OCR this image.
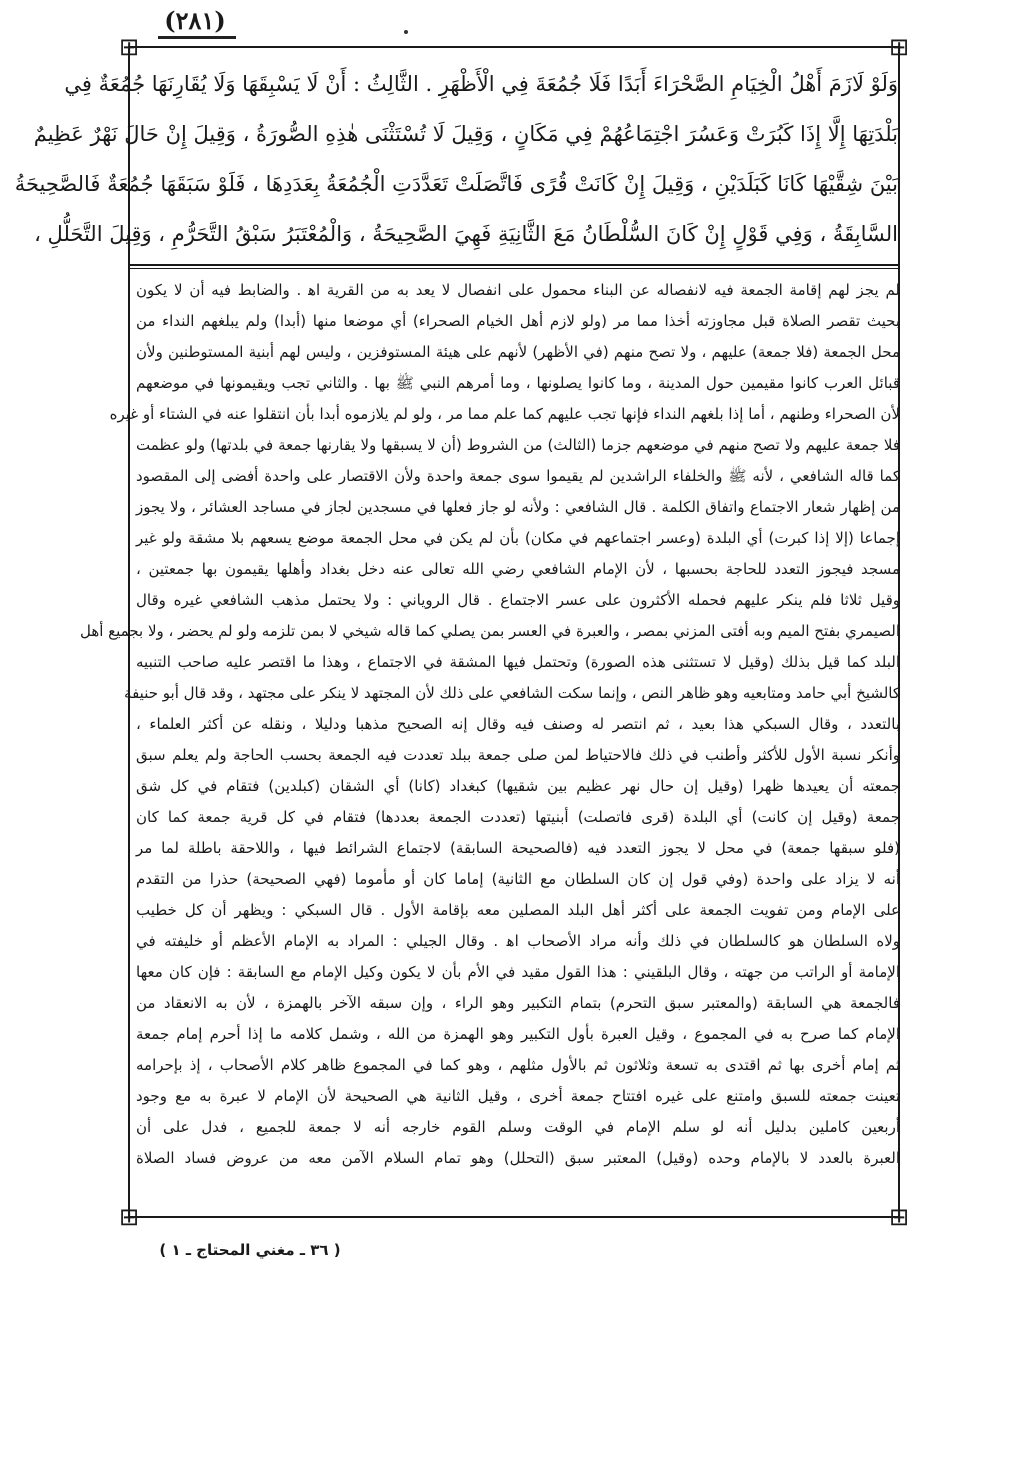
(٢٨١)
⊞	⊞
⊞	⊞
وَلَوْ لَازَمَ أَهْلُ الْخِيَامِ الصَّحْرَاءَ أَبَدًا فَلَا جُمُعَةَ فِي الْأَظْهَرِ . الثَّالِثُ : أَنْ لَا يَسْبِقَهَا وَلَا يُقَارِنَهَا جُمُعَةٌ فِي
بَلْدَتِهَا إِلَّا إِذَا كَبُرَتْ وَعَسُرَ اجْتِمَاعُهُمْ فِي مَكَانٍ ، وَقِيلَ لَا تُسْتَثْنَى هٰذِهِ الصُّورَةُ ، وَقِيلَ إِنْ حَالَ نَهْرٌ عَظِيمٌ
بَيْنَ شِقَّيْهَا كَانَا كَبَلَدَيْنِ ، وَقِيلَ إِنْ كَانَتْ قُرًى فَاتَّصَلَتْ تَعَدَّدَتِ الْجُمُعَةُ بِعَدَدِهَا ، فَلَوْ سَبَقَهَا جُمُعَةٌ فَالصَّحِيحَةُ
السَّابِقَةُ ، وَفِي قَوْلٍ إِنْ كَانَ السُّلْطَانُ مَعَ الثَّانِيَةِ فَهِيَ الصَّحِيحَةُ ، وَالْمُعْتَبَرُ سَبْقُ التَّحَرُّمِ ، وَقِيلَ التَّحَلُّلِ ،
لم يجز لهم إقامة الجمعة فيه لانفصاله عن البناء محمول على انفصال لا يعد به من القرية اﻫ . والضابط فيه أن لا يكون
بحيث تقصر الصلاة قبل مجاوزته أخذا مما مر (ولو لازم أهل الخيام الصحراء) أي موضعا منها (أبدا) ولم يبلغهم النداء من
محل الجمعة (فلا جمعة) عليهم ، ولا تصح منهم (في الأظهر) لأنهم على هيئة المستوفزين ، وليس لهم أبنية المستوطنين ولأن
قبائل العرب كانوا مقيمين حول المدينة ، وما كانوا يصلونها ، وما أمرهم النبي ﷺ بها . والثاني تجب ويقيمونها في موضعهم
لأن الصحراء وطنهم ، أما إذا بلغهم النداء فإنها تجب عليهم كما علم مما مر ، ولو لم يلازموه أبدا بأن انتقلوا عنه في الشتاء أو غيره
فلا جمعة عليهم ولا تصح منهم في موضعهم جزما (الثالث) من الشروط (أن لا يسبقها ولا يقارنها جمعة في بلدتها) ولو عظمت
كما قاله الشافعي ، لأنه ﷺ والخلفاء الراشدين لم يقيموا سوى جمعة واحدة ولأن الاقتصار على واحدة أفضى إلى المقصود
من إظهار شعار الاجتماع واتفاق الكلمة . قال الشافعي : ولأنه لو جاز فعلها في مسجدين لجاز في مساجد العشائر ، ولا يجوز
إجماعا (إلا إذا كبرت) أي البلدة (وعسر اجتماعهم في مكان) بأن لم يكن في محل الجمعة موضع يسعهم بلا مشقة ولو غير
مسجد فيجوز التعدد للحاجة بحسبها ، لأن الإمام الشافعي رضي الله تعالى عنه دخل بغداد وأهلها يقيمون بها جمعتين ،
وقيل ثلاثا فلم ينكر عليهم فحمله الأكثرون على عسر الاجتماع . قال الروياني : ولا يحتمل مذهب الشافعي غيره وقال
الصيمري بفتح الميم وبه أفتى المزني بمصر ، والعبرة في العسر بمن يصلي كما قاله شيخي لا بمن تلزمه ولو لم يحضر ، ولا بجميع أهل
البلد كما قيل بذلك (وقيل لا تستثنى هذه الصورة) وتحتمل فيها المشقة في الاجتماع ، وهذا ما اقتصر عليه صاحب التنبيه
كالشيخ أبي حامد ومتابعيه وهو ظاهر النص ، وإنما سكت الشافعي على ذلك لأن المجتهد لا ينكر على مجتهد ، وقد قال أبو حنيفة
بالتعدد ، وقال السبكي هذا بعيد ، ثم انتصر له وصنف فيه وقال إنه الصحيح مذهبا ودليلا ، ونقله عن أكثر العلماء ،
وأنكر نسبة الأول للأكثر وأطنب في ذلك فالاحتياط لمن صلى جمعة ببلد تعددت فيه الجمعة بحسب الحاجة ولم يعلم سبق
جمعته أن يعيدها ظهرا (وقيل إن حال نهر عظيم بين شقيها) كبغداد (كانا) أي الشقان (كبلدين) فتقام في كل شق
جمعة (وقيل إن كانت) أي البلدة (قرى فاتصلت) أبنيتها (تعددت الجمعة بعددها) فتقام في كل قرية جمعة كما كان
(فلو سبقها جمعة) في محل لا يجوز التعدد فيه (فالصحيحة السابقة) لاجتماع الشرائط فيها ، واللاحقة باطلة لما مر
أنه لا يزاد على واحدة (وفي قول إن كان السلطان مع الثانية) إماما كان أو مأموما (فهي الصحيحة) حذرا من التقدم
على الإمام ومن تفويت الجمعة على أكثر أهل البلد المصلين معه بإقامة الأول . قال السبكي : ويظهر أن كل خطيب
ولاه السلطان هو كالسلطان في ذلك وأنه مراد الأصحاب اﻫ . وقال الجيلي : المراد به الإمام الأعظم أو خليفته في
الإمامة أو الراتب من جهته ، وقال البلقيني : هذا القول مقيد في الأم بأن لا يكون وكيل الإمام مع السابقة : فإن كان معها
فالجمعة هي السابقة (والمعتبر سبق التحرم) بتمام التكبير وهو الراء ، وإن سبقه الآخر بالهمزة ، لأن به الانعقاد من
الإمام كما صرح به في المجموع ، وقيل العبرة بأول التكبير وهو الهمزة من الله ، وشمل كلامه ما إذا أحرم إمام جمعة
ثم إمام أخرى بها ثم اقتدى به تسعة وثلاثون ثم بالأول مثلهم ، وهو كما في المجموع ظاهر كلام الأصحاب ، إذ بإحرامه
تعينت جمعته للسبق وامتنع على غيره افتتاح جمعة أخرى ، وقيل الثانية هي الصحيحة لأن الإمام لا عبرة به مع وجود
أربعين كاملين بدليل أنه لو سلم الإمام في الوقت وسلم القوم خارجه أنه لا جمعة للجميع ، فدل على أن
العبرة بالعدد لا بالإمام وحده (وقيل) المعتبر سبق (التحلل) وهو تمام السلام الآمن معه من عروض فساد الصلاة
( ٣٦ ـ مغني المحتاج ـ ١ )
